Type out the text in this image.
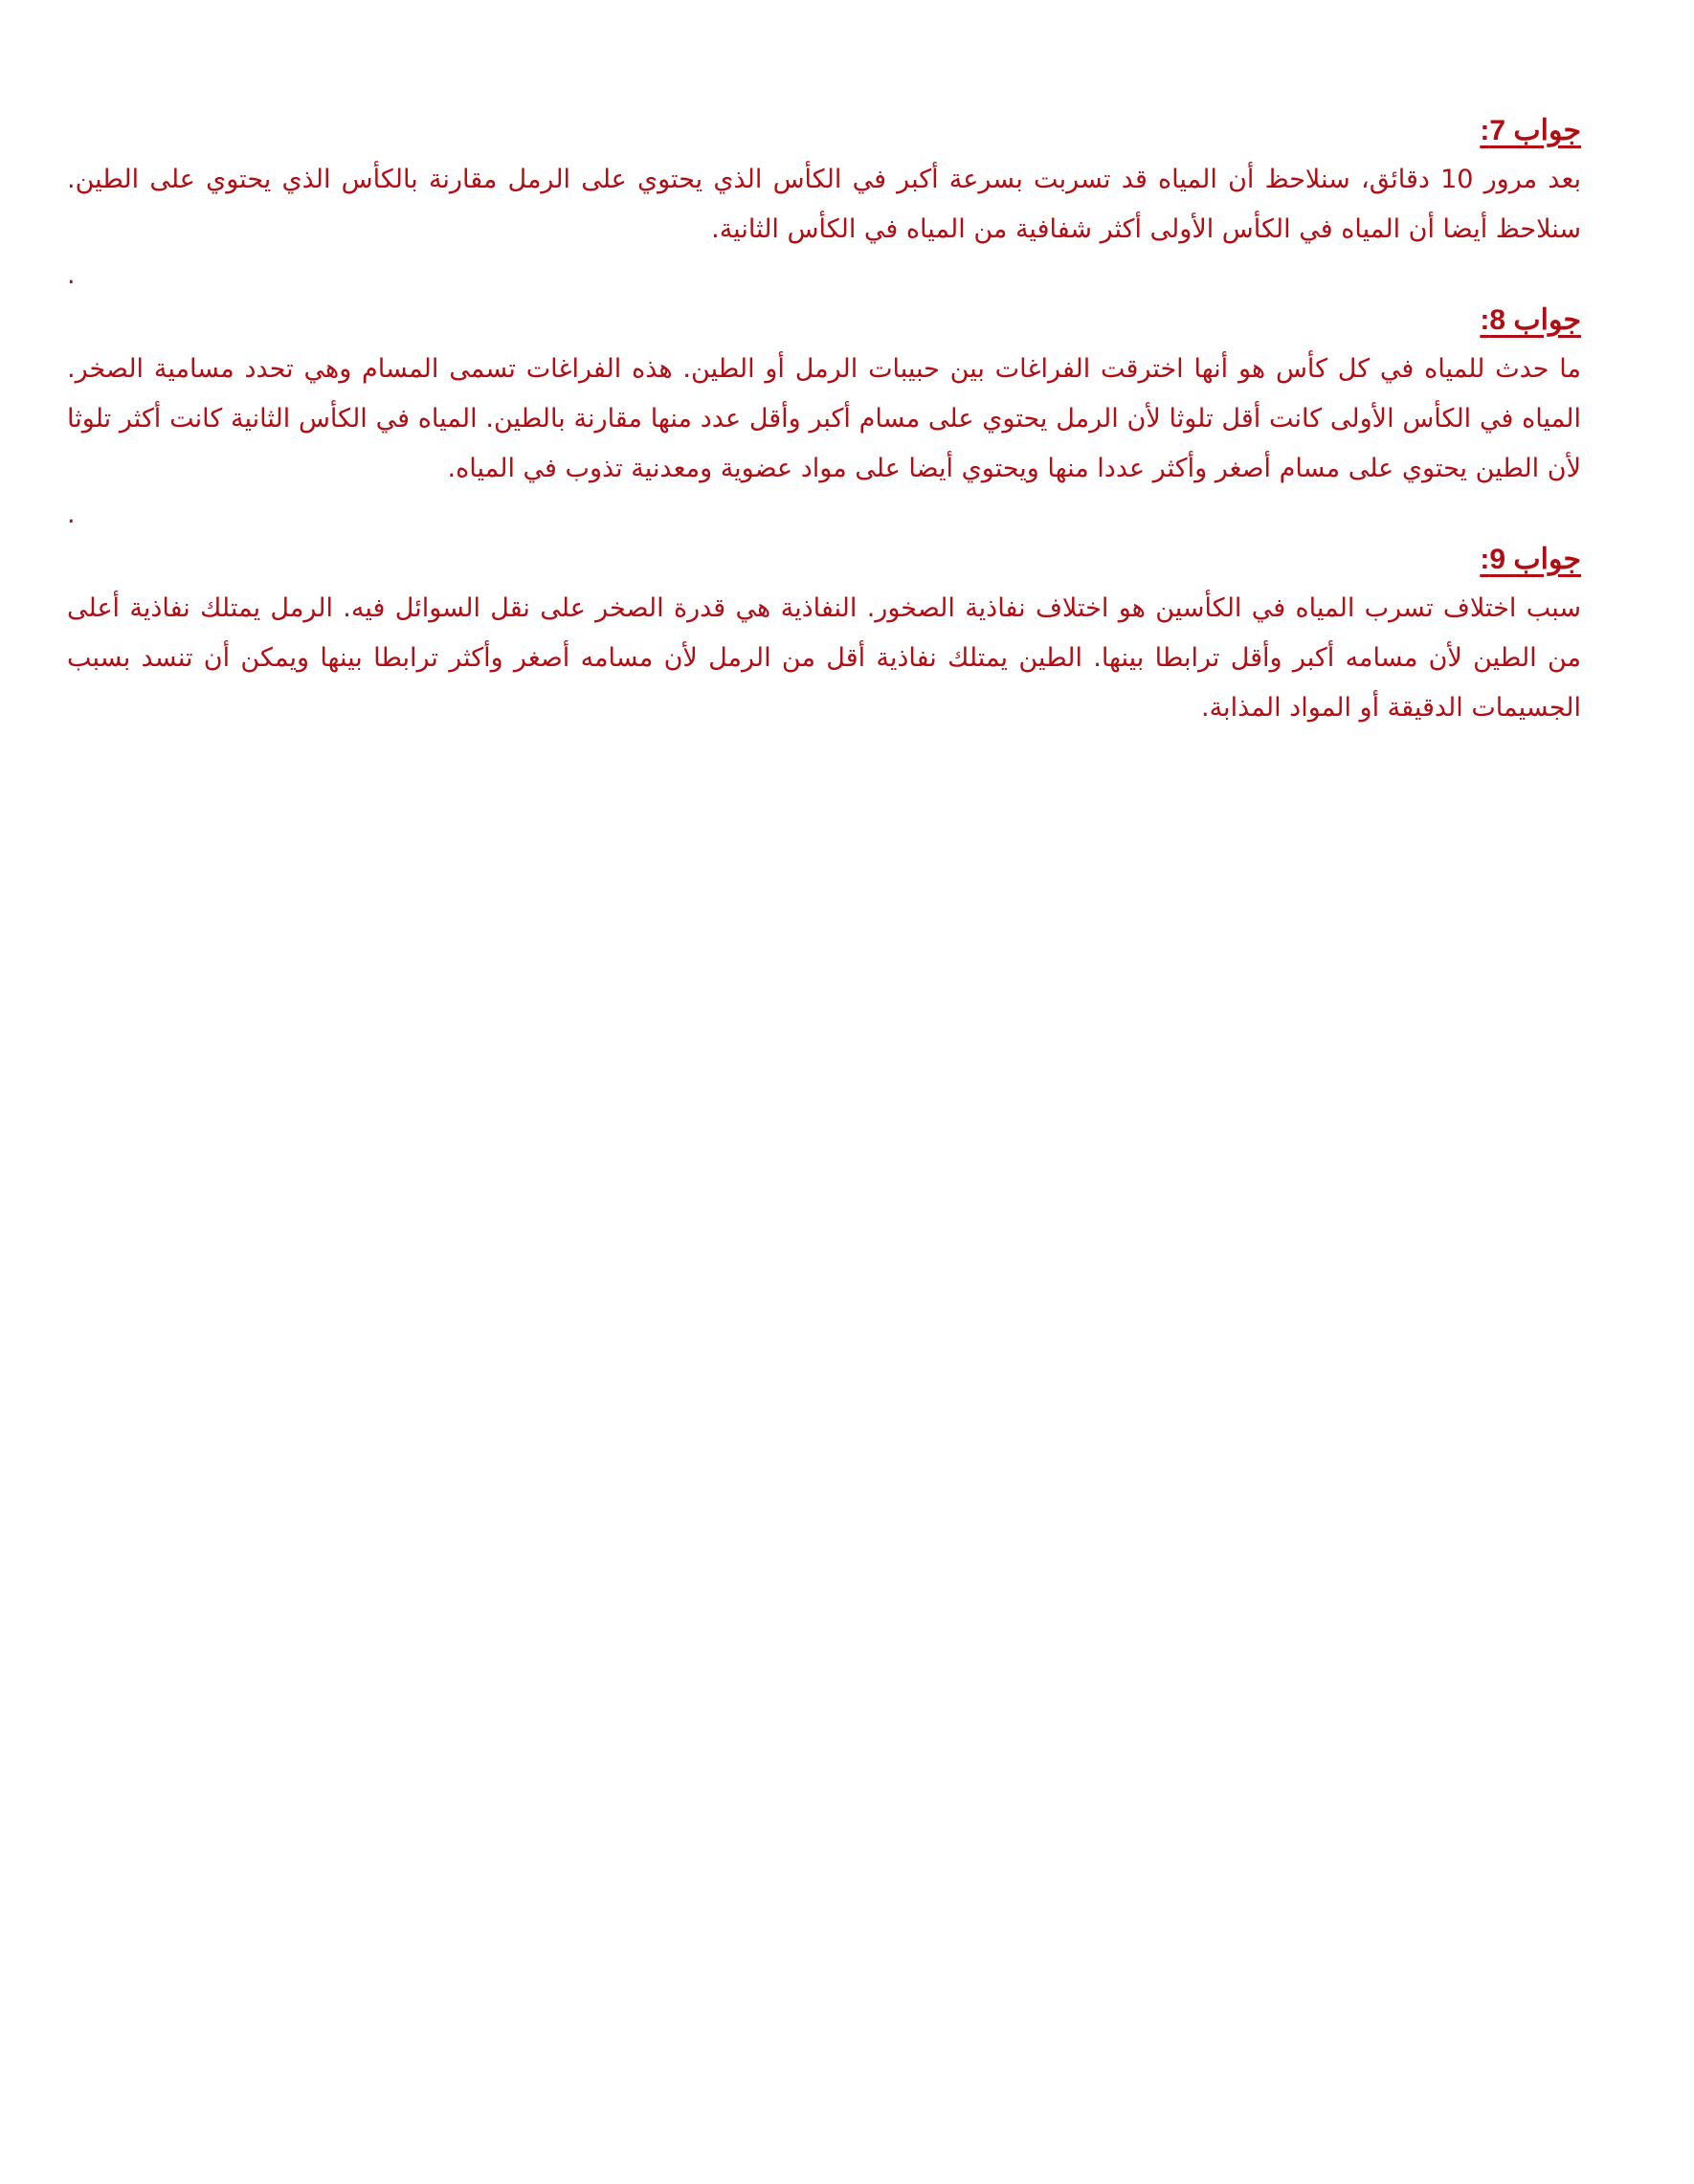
جواب 7:

بعد مرور 10 دقائق، سنلاحظ أن المياه قد تسربت بسرعة أكبر في الكأس الذي يحتوي على الرمل مقارنة بالكأس الذي يحتوي على الطين. سنلاحظ أيضا أن المياه في الكأس الأولى أكثر شفافية من المياه في الكأس الثانية.

.
جواب 8:

ما حدث للمياه في كل كأس هو أنها اخترقت الفراغات بين حبيبات الرمل أو الطين. هذه الفراغات تسمى المسام وهي تحدد مسامية الصخر. المياه في الكأس الأولى كانت أقل تلوثا لأن الرمل يحتوي على مسام أكبر وأقل عدد منها مقارنة بالطين. المياه في الكأس الثانية كانت أكثر تلوثا لأن الطين يحتوي على مسام أصغر وأكثر عددا منها ويحتوي أيضا على مواد عضوية ومعدنية تذوب في المياه.

.
جواب 9:

سبب اختلاف تسرب المياه في الكأسين هو اختلاف نفاذية الصخور. النفاذية هي قدرة الصخر على نقل السوائل فيه. الرمل يمتلك نفاذية أعلى من الطين لأن مسامه أكبر وأقل ترابطا بينها. الطين يمتلك نفاذية أقل من الرمل لأن مسامه أصغر وأكثر ترابطا بينها ويمكن أن تنسد بسبب الجسيمات الدقيقة أو المواد المذابة.
